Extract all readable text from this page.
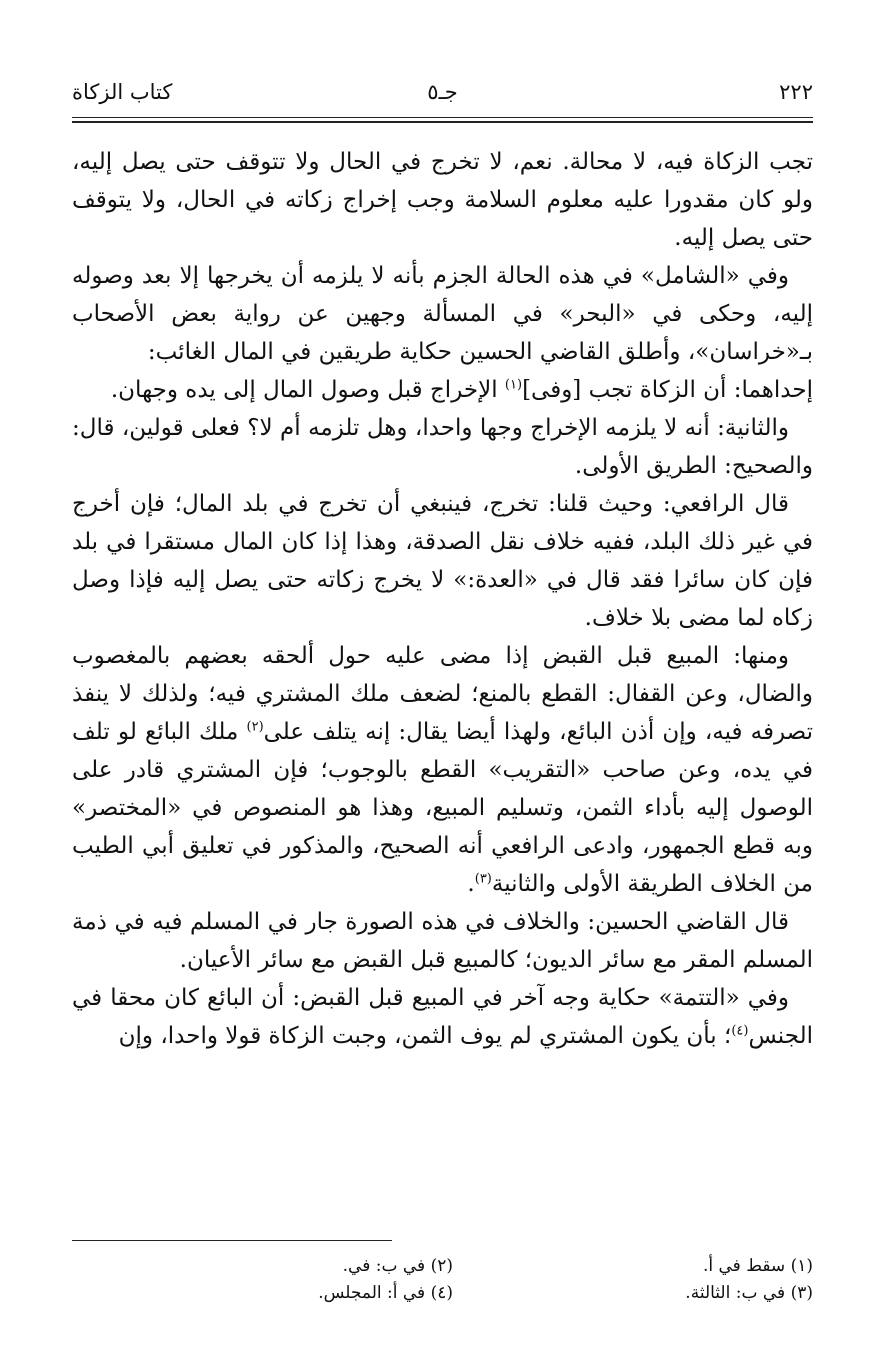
٢٢٢
جـ٥
كتاب الزكاة

تجب الزكاة فيه، لا محالة. نعم، لا تخرج في الحال ولا تتوقف حتى يصل إليه، ولو كان مقدورا عليه معلوم السلامة وجب إخراج زكاته في الحال، ولا يتوقف حتى يصل إليه.

وفي «الشامل» في هذه الحالة الجزم بأنه لا يلزمه أن يخرجها إلا بعد وصوله إليه، وحكى في «البحر» في المسألة وجهين عن رواية بعض الأصحاب بـ«خراسان»، وأطلق القاضي الحسين حكاية طريقين في المال الغائب:

إحداهما: أن الزكاة تجب [وفى]$^{(١)}$ الإخراج قبل وصول المال إلى يده وجهان.

والثانية: أنه لا يلزمه الإخراج وجها واحدا، وهل تلزمه أم لا؟ فعلى قولين، قال: والصحيح: الطريق الأولى.

قال الرافعي: وحيث قلنا: تخرج، فينبغي أن تخرج في بلد المال؛ فإن أخرج في غير ذلك البلد، ففيه خلاف نقل الصدقة، وهذا إذا كان المال مستقرا في بلد فإن كان سائرا فقد قال في «العدة:» لا يخرج زكاته حتى يصل إليه فإذا وصل زكاه لما مضى بلا خلاف.

ومنها: المبيع قبل القبض إذا مضى عليه حول ألحقه بعضهم بالمغصوب والضال، وعن القفال: القطع بالمنع؛ لضعف ملك المشتري فيه؛ ولذلك لا ينفذ تصرفه فيه، وإن أذن البائع، ولهذا أيضا يقال: إنه يتلف على$^{(٢)}$ ملك البائع لو تلف في يده، وعن صاحب «التقريب» القطع بالوجوب؛ فإن المشتري قادر على الوصول إليه بأداء الثمن، وتسليم المبيع، وهذا هو المنصوص في «المختصر» وبه قطع الجمهور، وادعى الرافعي أنه الصحيح، والمذكور في تعليق أبي الطيب من الخلاف الطريقة الأولى والثانية$^{(٣)}$.

قال القاضي الحسين: والخلاف في هذه الصورة جار في المسلم فيه في ذمة المسلم المقر مع سائر الديون؛ كالمبيع قبل القبض مع سائر الأعيان.

وفي «التتمة» حكاية وجه آخر في المبيع قبل القبض: أن البائع كان محقا في الجنس$^{(٤)}$؛ بأن يكون المشتري لم يوف الثمن، وجبت الزكاة قولا واحدا، وإن

(١) سقط في أ.
(٢) في ب: في.
(٣) في ب: الثالثة.
(٤) في أ: المجلس.
